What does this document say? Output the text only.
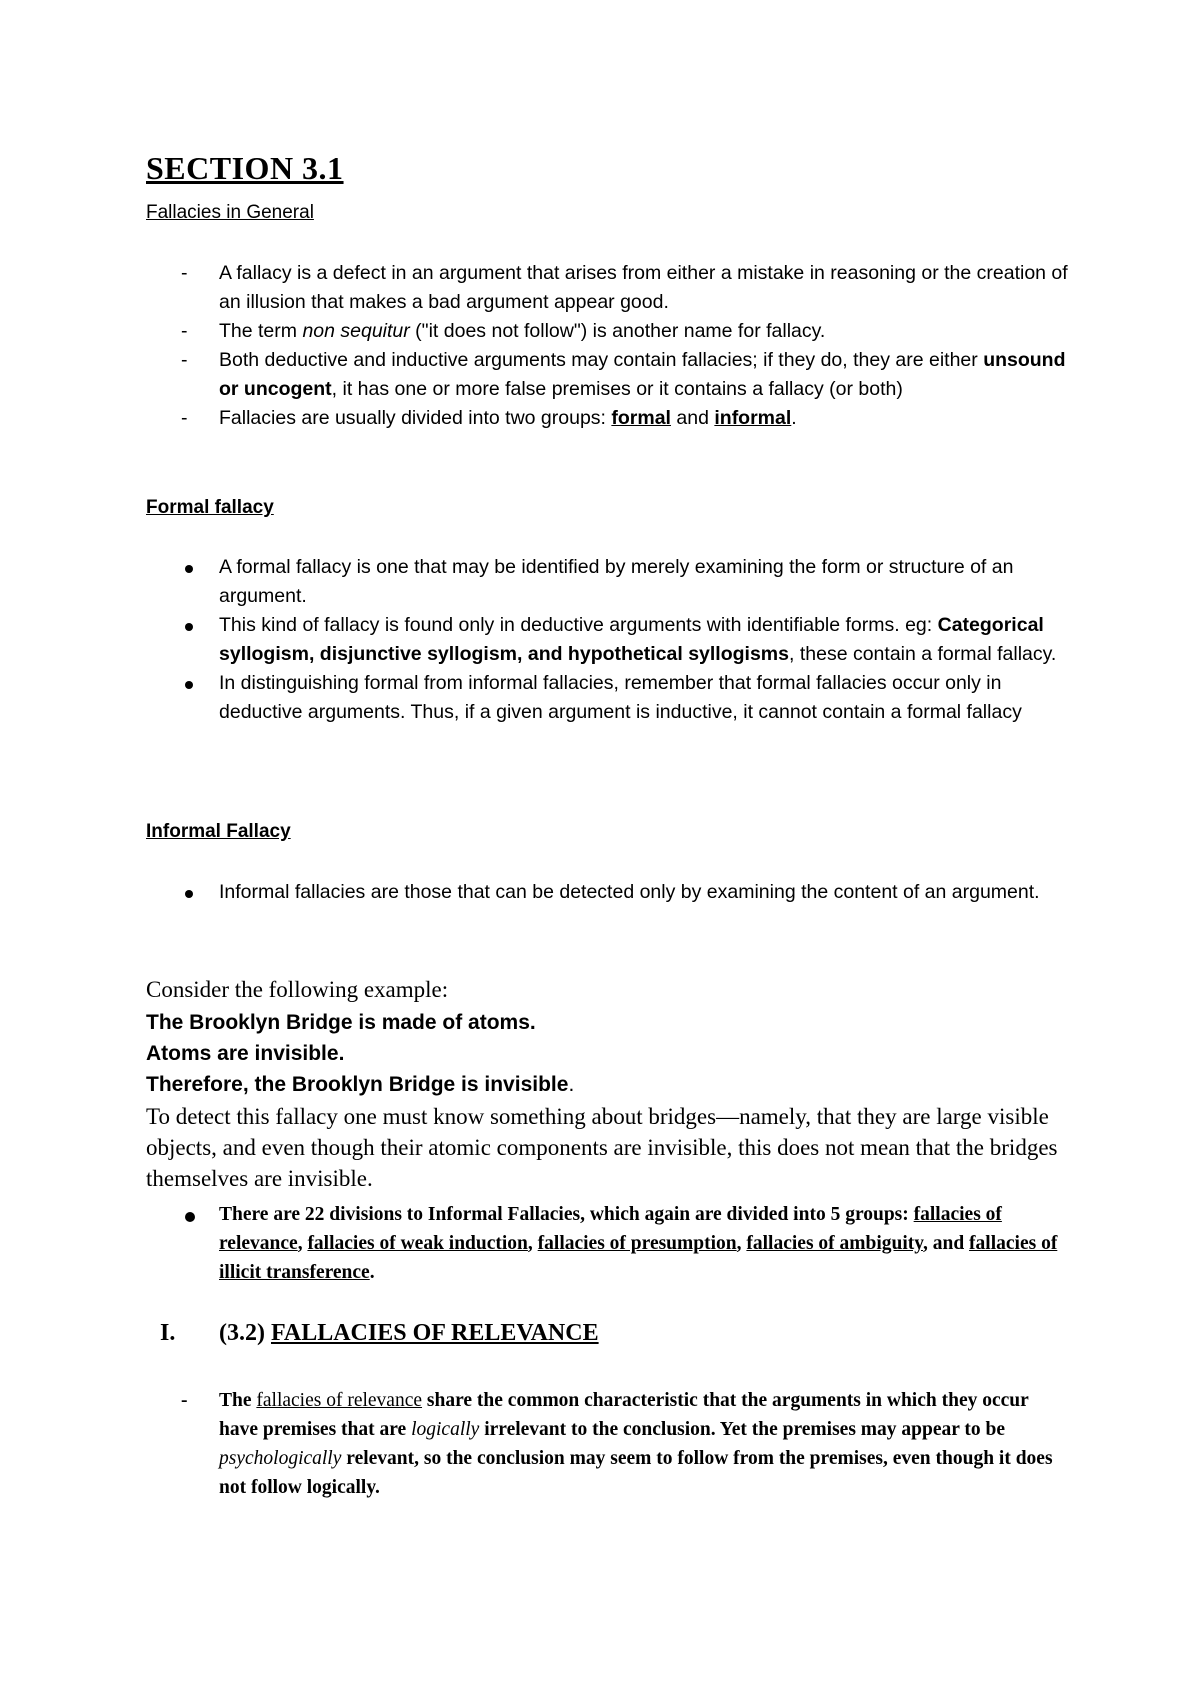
SECTION 3.1
Fallacies in General
- A fallacy is a defect in an argument that arises from either a mistake in reasoning or the creation of an illusion that makes a bad argument appear good.
- The term non sequitur ("it does not follow") is another name for fallacy.
- Both deductive and inductive arguments may contain fallacies; if they do, they are either unsound or uncogent, it has one or more false premises or it contains a fallacy (or both)
- Fallacies are usually divided into two groups: formal and informal.
Formal fallacy
A formal fallacy is one that may be identified by merely examining the form or structure of an argument.
This kind of fallacy is found only in deductive arguments with identifiable forms. eg: Categorical syllogism, disjunctive syllogism, and hypothetical syllogisms, these contain a formal fallacy.
In distinguishing formal from informal fallacies, remember that formal fallacies occur only in deductive arguments. Thus, if a given argument is inductive, it cannot contain a formal fallacy
Informal Fallacy
Informal fallacies are those that can be detected only by examining the content of an argument.

Consider the following example:

The Brooklyn Bridge is made of atoms.

Atoms are invisible.

Therefore, the Brooklyn Bridge is invisible.

To detect this fallacy one must know something about bridges—namely, that they are large visible objects, and even though their atomic components are invisible, this does not mean that the bridges themselves are invisible.

There are 22 divisions to Informal Fallacies, which again are divided into 5 groups: fallacies of relevance, fallacies of weak induction, fallacies of presumption, fallacies of ambiguity, and fallacies of illicit transference.
I. (3.2) FALLACIES OF RELEVANCE
- The fallacies of relevance share the common characteristic that the arguments in which they occur have premises that are logically irrelevant to the conclusion. Yet the premises may appear to be psychologically relevant, so the conclusion may seem to follow from the premises, even though it does not follow logically.
